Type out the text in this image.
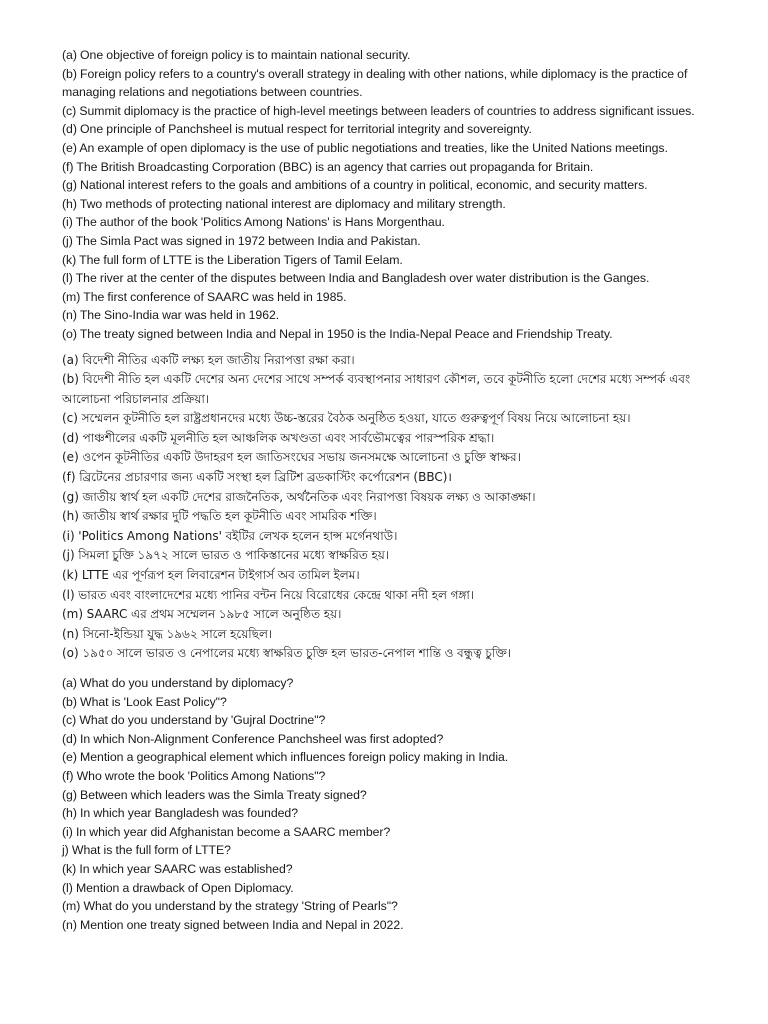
(a) One objective of foreign policy is to maintain national security.

(b) Foreign policy refers to a country's overall strategy in dealing with other nations, while diplomacy is the practice of managing relations and negotiations between countries.

(c) Summit diplomacy is the practice of high-level meetings between leaders of countries to address significant issues.

(d) One principle of Panchsheel is mutual respect for territorial integrity and sovereignty.

(e) An example of open diplomacy is the use of public negotiations and treaties, like the United Nations meetings.

(f) The British Broadcasting Corporation (BBC) is an agency that carries out propaganda for Britain.

(g) National interest refers to the goals and ambitions of a country in political, economic, and security matters.

(h) Two methods of protecting national interest are diplomacy and military strength.

(i) The author of the book 'Politics Among Nations' is Hans Morgenthau.

(j) The Simla Pact was signed in 1972 between India and Pakistan.

(k) The full form of LTTE is the Liberation Tigers of Tamil Eelam.

(l) The river at the center of the disputes between India and Bangladesh over water distribution is the Ganges.

(m) The first conference of SAARC was held in 1985.

(n) The Sino-India war was held in 1962.

(o) The treaty signed between India and Nepal in 1950 is the India-Nepal Peace and Friendship Treaty.

(a) বিদেশী নীতির একটি লক্ষ্য হল জাতীয় নিরাপত্তা রক্ষা করা।

(b) বিদেশী নীতি হল একটি দেশের অন্য দেশের সাথে সম্পর্ক ব্যবস্থাপনার সাধারণ কৌশল, তবে কূটনীতি হলো দেশের মধ্যে সম্পর্ক এবং আলোচনা পরিচালনার প্রক্রিয়া।

(c) সম্মেলন কূটনীতি হল রাষ্ট্রপ্রধানদের মধ্যে উচ্চ-স্তরের বৈঠক অনুষ্ঠিত হওয়া, যাতে গুরুত্বপূর্ণ বিষয় নিয়ে আলোচনা হয়।

(d) পাঞ্চশীলের একটি মূলনীতি হল আঞ্চলিক অখণ্ডতা এবং সার্বভৌমত্বের পারস্পরিক শ্রদ্ধা।

(e) ওপেন কূটনীতির একটি উদাহরণ হল জাতিসংঘের সভায় জনসমক্ষে আলোচনা ও চুক্তি স্বাক্ষর।

(f) ব্রিটেনের প্রচারণার জন্য একটি সংস্থা হল ব্রিটিশ ব্রডকাস্টিং কর্পোরেশন (BBC)।

(g) জাতীয় স্বার্থ হল একটি দেশের রাজনৈতিক, অর্থনৈতিক এবং নিরাপত্তা বিষয়ক লক্ষ্য ও আকাঙ্ক্ষা।

(h) জাতীয় স্বার্থ রক্ষার দুটি পদ্ধতি হল কূটনীতি এবং সামরিক শক্তি।

(i) 'Politics Among Nations' বইটির লেখক হলেন হান্স মর্গেনথাউ।

(j) সিমলা চুক্তি ১৯৭২ সালে ভারত ও পাকিস্তানের মধ্যে স্বাক্ষরিত হয়।

(k) LTTE এর পূর্ণরূপ হল লিবারেশন টাইগার্স অব তামিল ইলম।

(l) ভারত এবং বাংলাদেশের মধ্যে পানির বন্টন নিয়ে বিরোধের কেন্দ্রে থাকা নদী হল গঙ্গা।

(m) SAARC এর প্রথম সম্মেলন ১৯৮৫ সালে অনুষ্ঠিত হয়।

(n) সিনো-ইন্ডিয়া যুদ্ধ ১৯৬২ সালে হয়েছিল।

(o) ১৯৫০ সালে ভারত ও নেপালের মধ্যে স্বাক্ষরিত চুক্তি হল ভারত-নেপাল শান্তি ও বন্ধুত্ব চুক্তি।

(a) What do you understand by diplomacy?

(b) What is 'Look East Policy"?

(c) What do you understand by 'Gujral Doctrine"?

(d) In which Non-Alignment Conference Panchsheel was first adopted?

(e) Mention a geographical element which influences foreign policy making in India.

(f) Who wrote the book 'Politics Among Nations"?

(g) Between which leaders was the Simla Treaty signed?

(h) In which year Bangladesh was founded?

(i) In which year did Afghanistan become a SAARC member?

j) What is the full form of LTTE?

(k) In which year SAARC was established?

(l) Mention a drawback of Open Diplomacy.

(m) What do you understand by the strategy 'String of Pearls"?

(n) Mention one treaty signed between India and Nepal in 2022.
